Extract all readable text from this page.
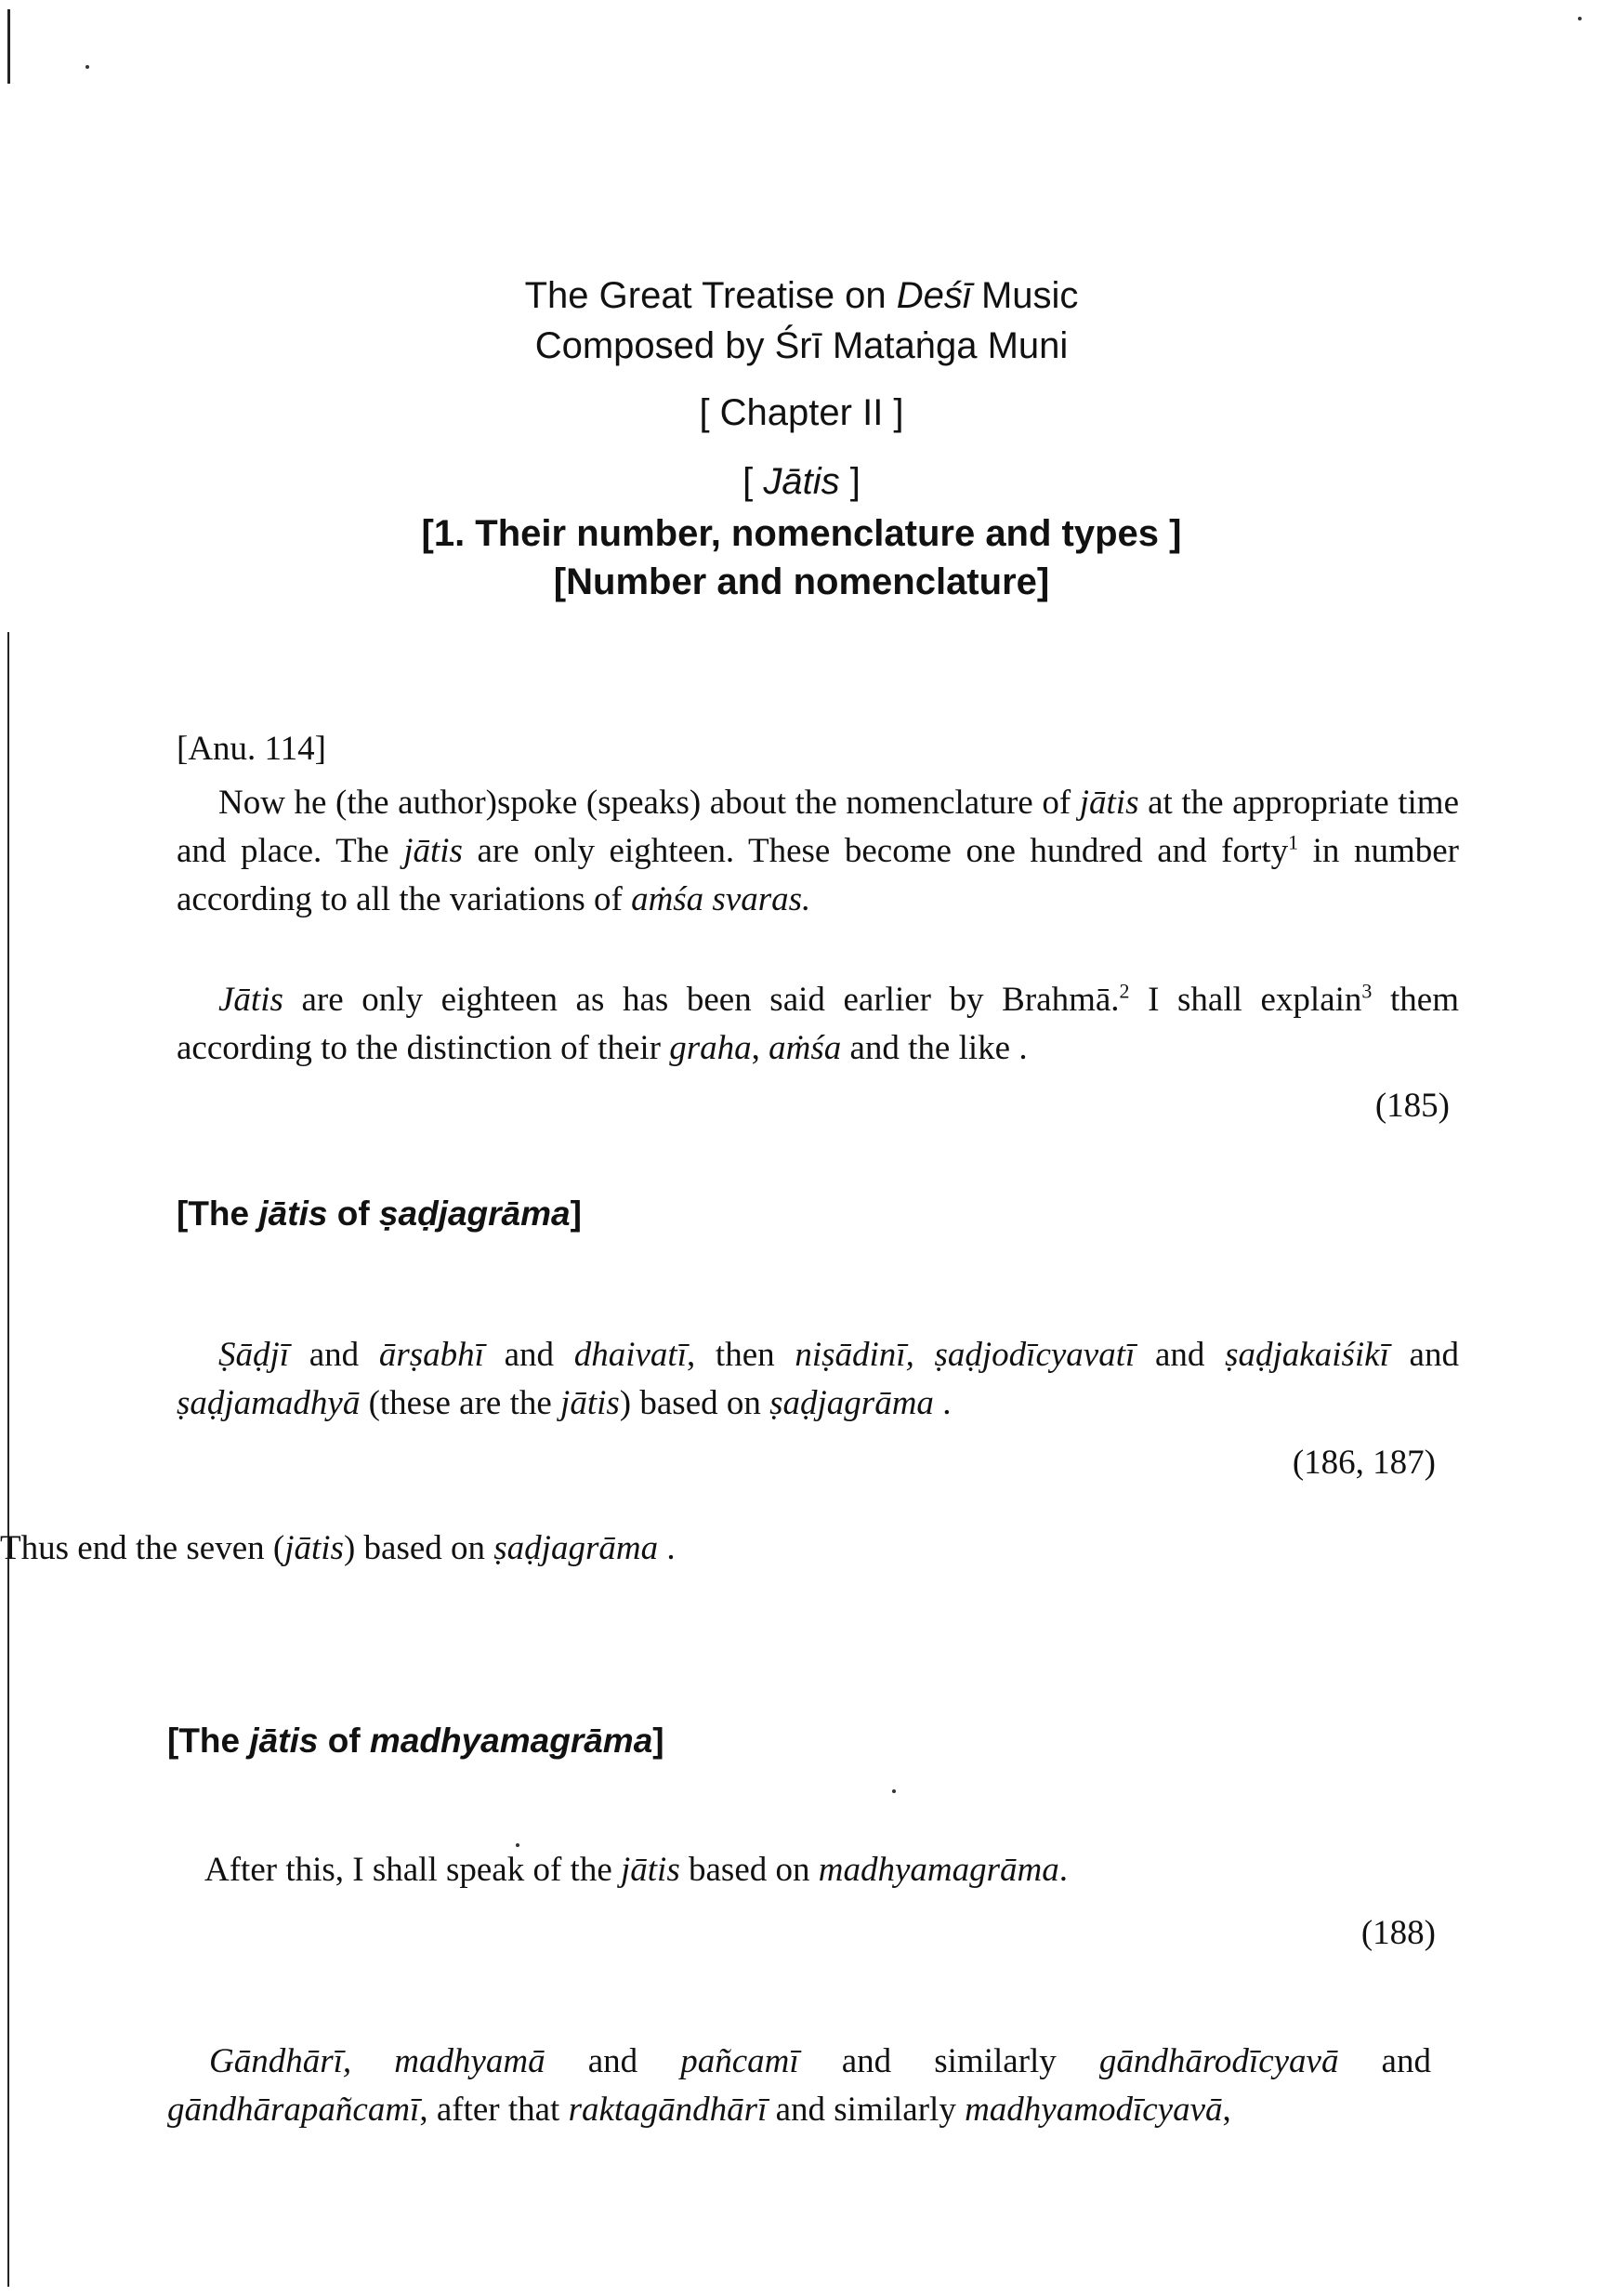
The Great Treatise on Deśī Music
Composed by Śrī Mataṅga Muni
[ Chapter II ]
[ Jātis ]
[1. Their number, nomenclature and types ]
[Number and nomenclature]
[Anu. 114]
Now he (the author)spoke (speaks) about the nomenclature of jātis at the appropriate time and place. The jātis are only eighteen. These become one hundred and forty$^1$ in number according to all the variations of aṁśa svaras.
Jātis are only eighteen as has been said earlier by Brahmā.$^2$ I shall explain$^3$ them according to the distinction of their graha, aṁśa and the like .
(185)
[The jātis of ṣaḍjagrāma]
Ṣāḍjī and ārṣabhī and dhaivatī, then niṣādinī, ṣaḍjodīcyavatī and ṣaḍjakaiśikī and ṣaḍjamadhyā (these are the jātis) based on ṣaḍjagrāma .
(186, 187)
Thus end the seven (jātis) based on ṣaḍjagrāma .
[The jātis of madhyamagrāma]
After this, I shall speak of the jātis based on madhyamagrāma.
(188)
Gāndhārī, madhyamā and pañcamī and similarly gāndhārodīcyavā and gāndhārapañcamī, after that raktagāndhārī and similarly madhyamodīcyavā,
